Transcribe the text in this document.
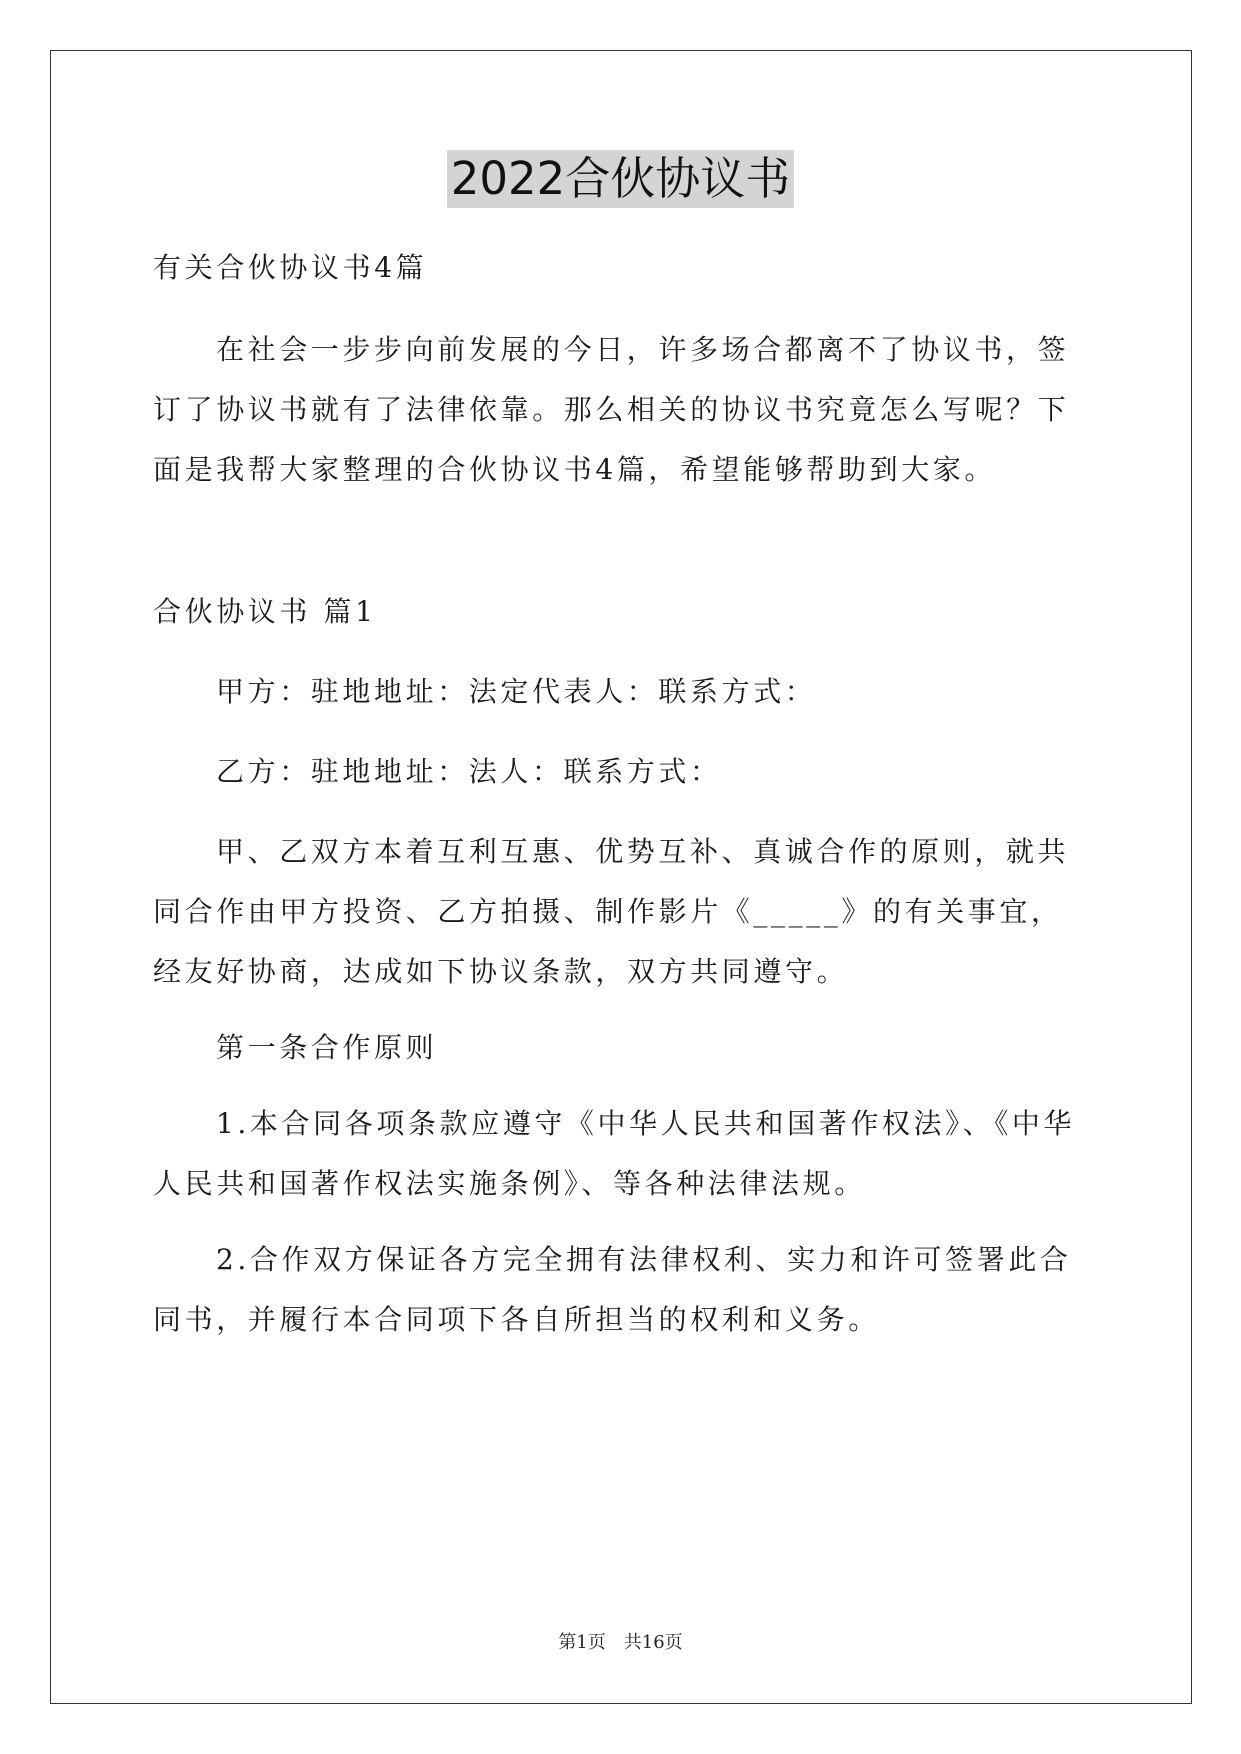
2022合伙协议书

有关合伙协议书4篇

在社会一步步向前发展的今日，许多场合都离不了协议书，签订了协议书就有了法律依靠。那么相关的协议书究竟怎么写呢？下面是我帮大家整理的合伙协议书4篇，希望能够帮助到大家。

合伙协议书 篇1

甲方：驻地地址：法定代表人：联系方式：

乙方：驻地地址：法人：联系方式：

甲、乙双方本着互利互惠、优势互补、真诚合作的原则，就共同合作由甲方投资、乙方拍摄、制作影片《_____》的有关事宜，经友好协商，达成如下协议条款，双方共同遵守。

第一条合作原则

1.本合同各项条款应遵守《中华人民共和国著作权法》、《中华人民共和国著作权法实施条例》、等各种法律法规。

2.合作双方保证各方完全拥有法律权利、实力和许可签署此合同书，并履行本合同项下各自所担当的权利和义务。

第1页　共16页
